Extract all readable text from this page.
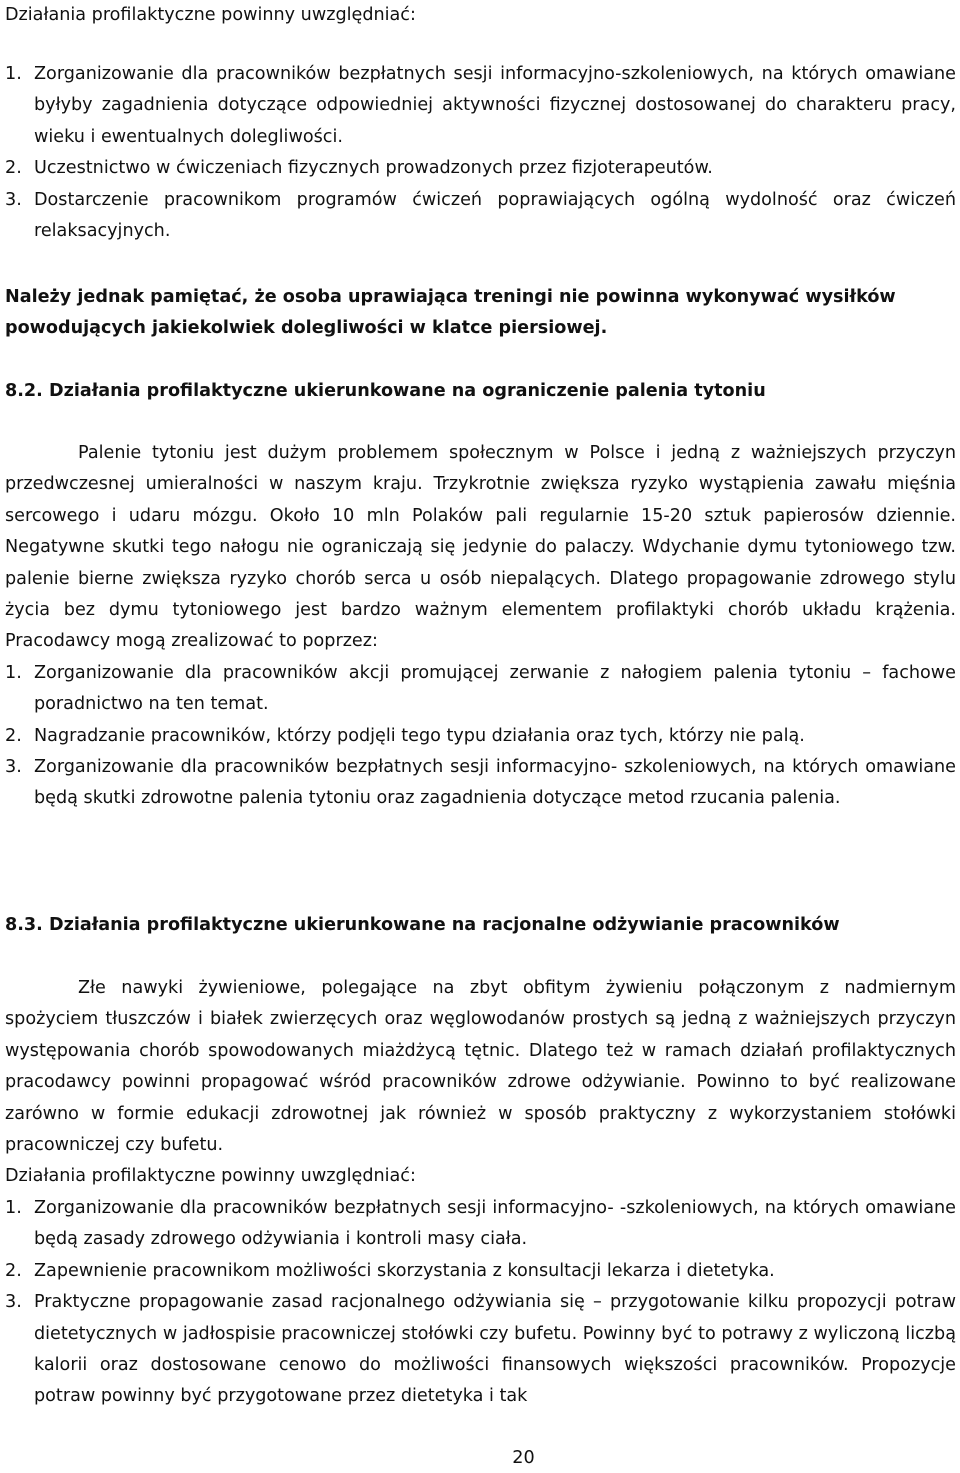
Działania profilaktyczne powinny uwzględniać:

1. Zorganizowanie dla pracowników bezpłatnych sesji informacyjno-szkoleniowych, na których omawiane byłyby zagadnienia dotyczące odpowiedniej aktywności fizycznej dostosowanej do charakteru pracy, wieku i ewentualnych dolegliwości.

2. Uczestnictwo w ćwiczeniach fizycznych prowadzonych przez fizjoterapeutów.

3. Dostarczenie pracownikom programów ćwiczeń poprawiających ogólną wydolność oraz ćwiczeń relaksacyjnych.

Należy jednak pamiętać, że osoba uprawiająca treningi nie powinna wykonywać wysiłków powodujących jakiekolwiek dolegliwości w klatce piersiowej.

8.2. Działania profilaktyczne ukierunkowane na ograniczenie palenia tytoniu

Palenie tytoniu jest dużym problemem społecznym w Polsce i jedną z ważniejszych przyczyn przedwczesnej umieralności w naszym kraju. Trzykrotnie zwiększa ryzyko wystąpienia zawału mięśnia sercowego i udaru mózgu. Około 10 mln Polaków pali regularnie 15-20 sztuk papierosów dziennie. Negatywne skutki tego nałogu nie ograniczają się jedynie do palaczy. Wdychanie dymu tytoniowego tzw. palenie bierne zwiększa ryzyko chorób serca u osób niepalących. Dlatego propagowanie zdrowego stylu życia bez dymu tytoniowego jest bardzo ważnym elementem profilaktyki chorób układu krążenia. Pracodawcy mogą zrealizować to poprzez:

1. Zorganizowanie dla pracowników akcji promującej zerwanie z nałogiem palenia tytoniu – fachowe poradnictwo na ten temat.

2. Nagradzanie pracowników, którzy podjęli tego typu działania oraz tych, którzy nie palą.

3. Zorganizowanie dla pracowników bezpłatnych sesji informacyjno- szkoleniowych, na których omawiane będą skutki zdrowotne palenia tytoniu oraz zagadnienia dotyczące metod rzucania palenia.

8.3. Działania profilaktyczne ukierunkowane na racjonalne odżywianie pracowników

Złe nawyki żywieniowe, polegające na zbyt obfitym żywieniu połączonym z nadmiernym spożyciem tłuszczów i białek zwierzęcych oraz węglowodanów prostych są jedną z ważniejszych przyczyn występowania chorób spowodowanych miażdżycą tętnic. Dlatego też w ramach działań profilaktycznych pracodawcy powinni propagować wśród pracowników zdrowe odżywianie. Powinno to być realizowane zarówno w formie edukacji zdrowotnej jak również w sposób praktyczny z wykorzystaniem stołówki pracowniczej czy bufetu.

Działania profilaktyczne powinny uwzględniać:

1. Zorganizowanie dla pracowników bezpłatnych sesji informacyjno- -szkoleniowych, na których omawiane będą zasady zdrowego odżywiania i kontroli masy ciała.

2. Zapewnienie pracownikom możliwości skorzystania z konsultacji lekarza i dietetyka.

3. Praktyczne propagowanie zasad racjonalnego odżywiania się – przygotowanie kilku propozycji potraw dietetycznych w jadłospisie pracowniczej stołówki czy bufetu. Powinny być to potrawy z wyliczoną liczbą kalorii oraz dostosowane cenowo do możliwości finansowych większości pracowników. Propozycje potraw powinny być przygotowane przez dietetyka i tak

20
